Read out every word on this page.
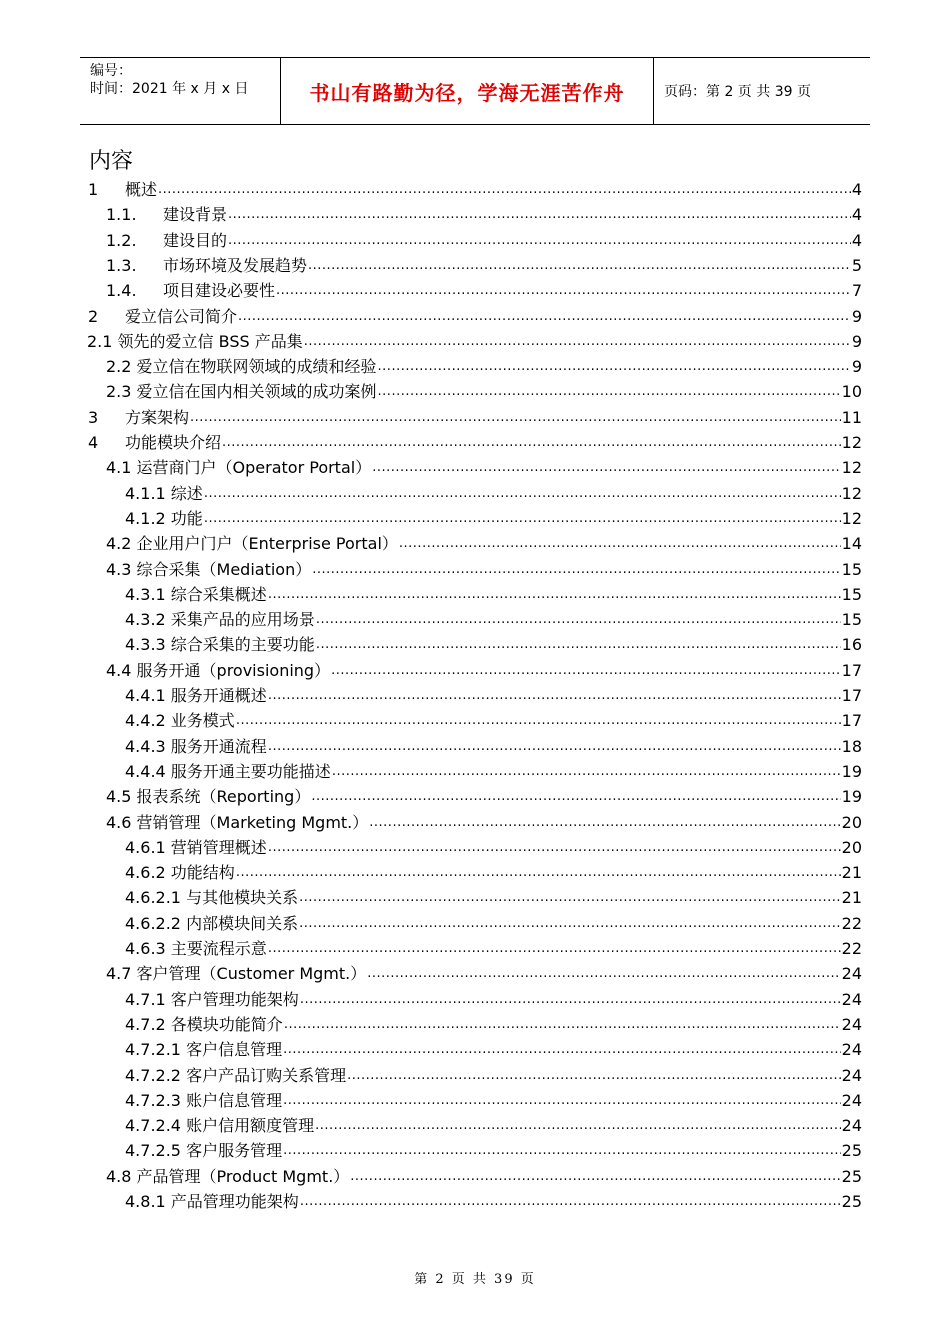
编号：
时间：2021 年 x 月 x 日	书山有路勤为径，学海无涯苦作舟	页码：第 2 页 共 39 页
内容
1	概述 .....	4
1.1.	建设背景 .....	4
1.2.	建设目的 .....	4
1.3.	市场环境及发展趋势 .....	5
1.4.	项目建设必要性 .....	7
2	爱立信公司简介 .....	9
2.1 领先的爱立信 BSS 产品集 .....	9
2.2 爱立信在物联网领域的成绩和经验 .....	9
2.3 爱立信在国内相关领域的成功案例 .....	10
3	方案架构 .....	11
4	功能模块介绍 .....	12
4.1 运营商门户（Operator Portal） .....	12
4.1.1 综述 .....	12
4.1.2 功能 .....	12
4.2 企业用户门户（Enterprise Portal） .....	14
4.3 综合采集（Mediation） .....	15
4.3.1 综合采集概述 .....	15
4.3.2 采集产品的应用场景 .....	15
4.3.3 综合采集的主要功能 .....	16
4.4 服务开通（provisioning） .....	17
4.4.1 服务开通概述 .....	17
4.4.2 业务模式 .....	17
4.4.3 服务开通流程 .....	18
4.4.4 服务开通主要功能描述 .....	19
4.5 报表系统（Reporting） .....	19
4.6 营销管理（Marketing Mgmt.） .....	20
4.6.1 营销管理概述 .....	20
4.6.2 功能结构 .....	21
4.6.2.1 与其他模块关系 .....	21
4.6.2.2 内部模块间关系 .....	22
4.6.3 主要流程示意 .....	22
4.7 客户管理（Customer Mgmt.） .....	24
4.7.1 客户管理功能架构 .....	24
4.7.2 各模块功能简介 .....	24
4.7.2.1 客户信息管理 .....	24
4.7.2.2 客户产品订购关系管理 .....	24
4.7.2.3 账户信息管理 .....	24
4.7.2.4 账户信用额度管理 .....	24
4.7.2.5 客户服务管理 .....	25
4.8 产品管理（Product Mgmt.） .....	25
4.8.1 产品管理功能架构 .....	25
第 2 页 共 39 页
